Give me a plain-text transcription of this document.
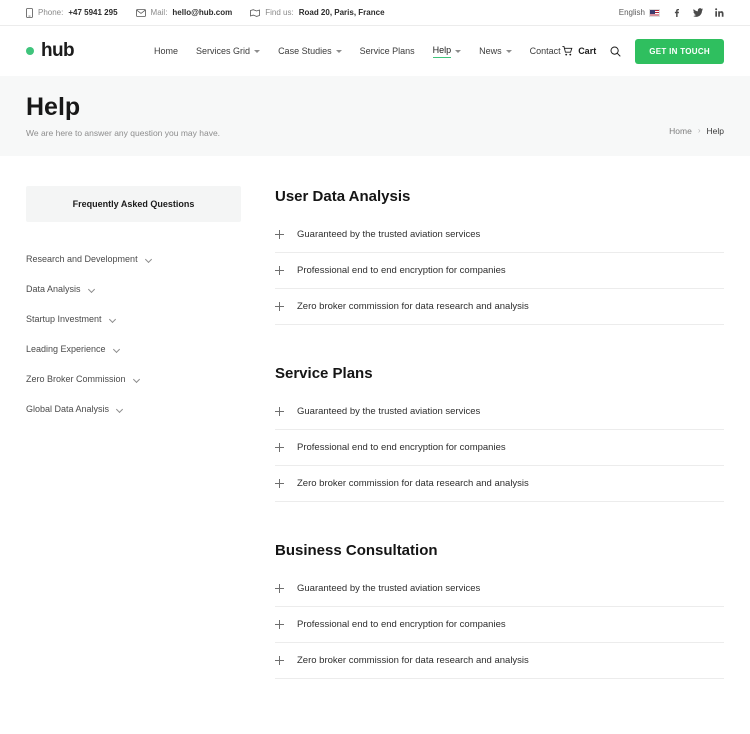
Phone: +47 5941 295	Mail: hello@hub.com	Find us: Road 20, Paris, France	English
hub	Home Services Grid	Case Studies	Service Plans Help	News	Contact Cart	GET IN TOUCH
Help
We are here to answer any question you may have.	Home › Help
Frequently Asked Questions
Research and Development
Data Analysis
Startup Investment
Leading Experience
Zero Broker Commission
Global Data Analysis
User Data Analysis
Guaranteed by the trusted aviation services
Professional end to end encryption for companies
Zero broker commission for data research and analysis
Service Plans
Guaranteed by the trusted aviation services
Professional end to end encryption for companies
Zero broker commission for data research and analysis
Business Consultation
Guaranteed by the trusted aviation services
Professional end to end encryption for companies
Zero broker commission for data research and analysis
